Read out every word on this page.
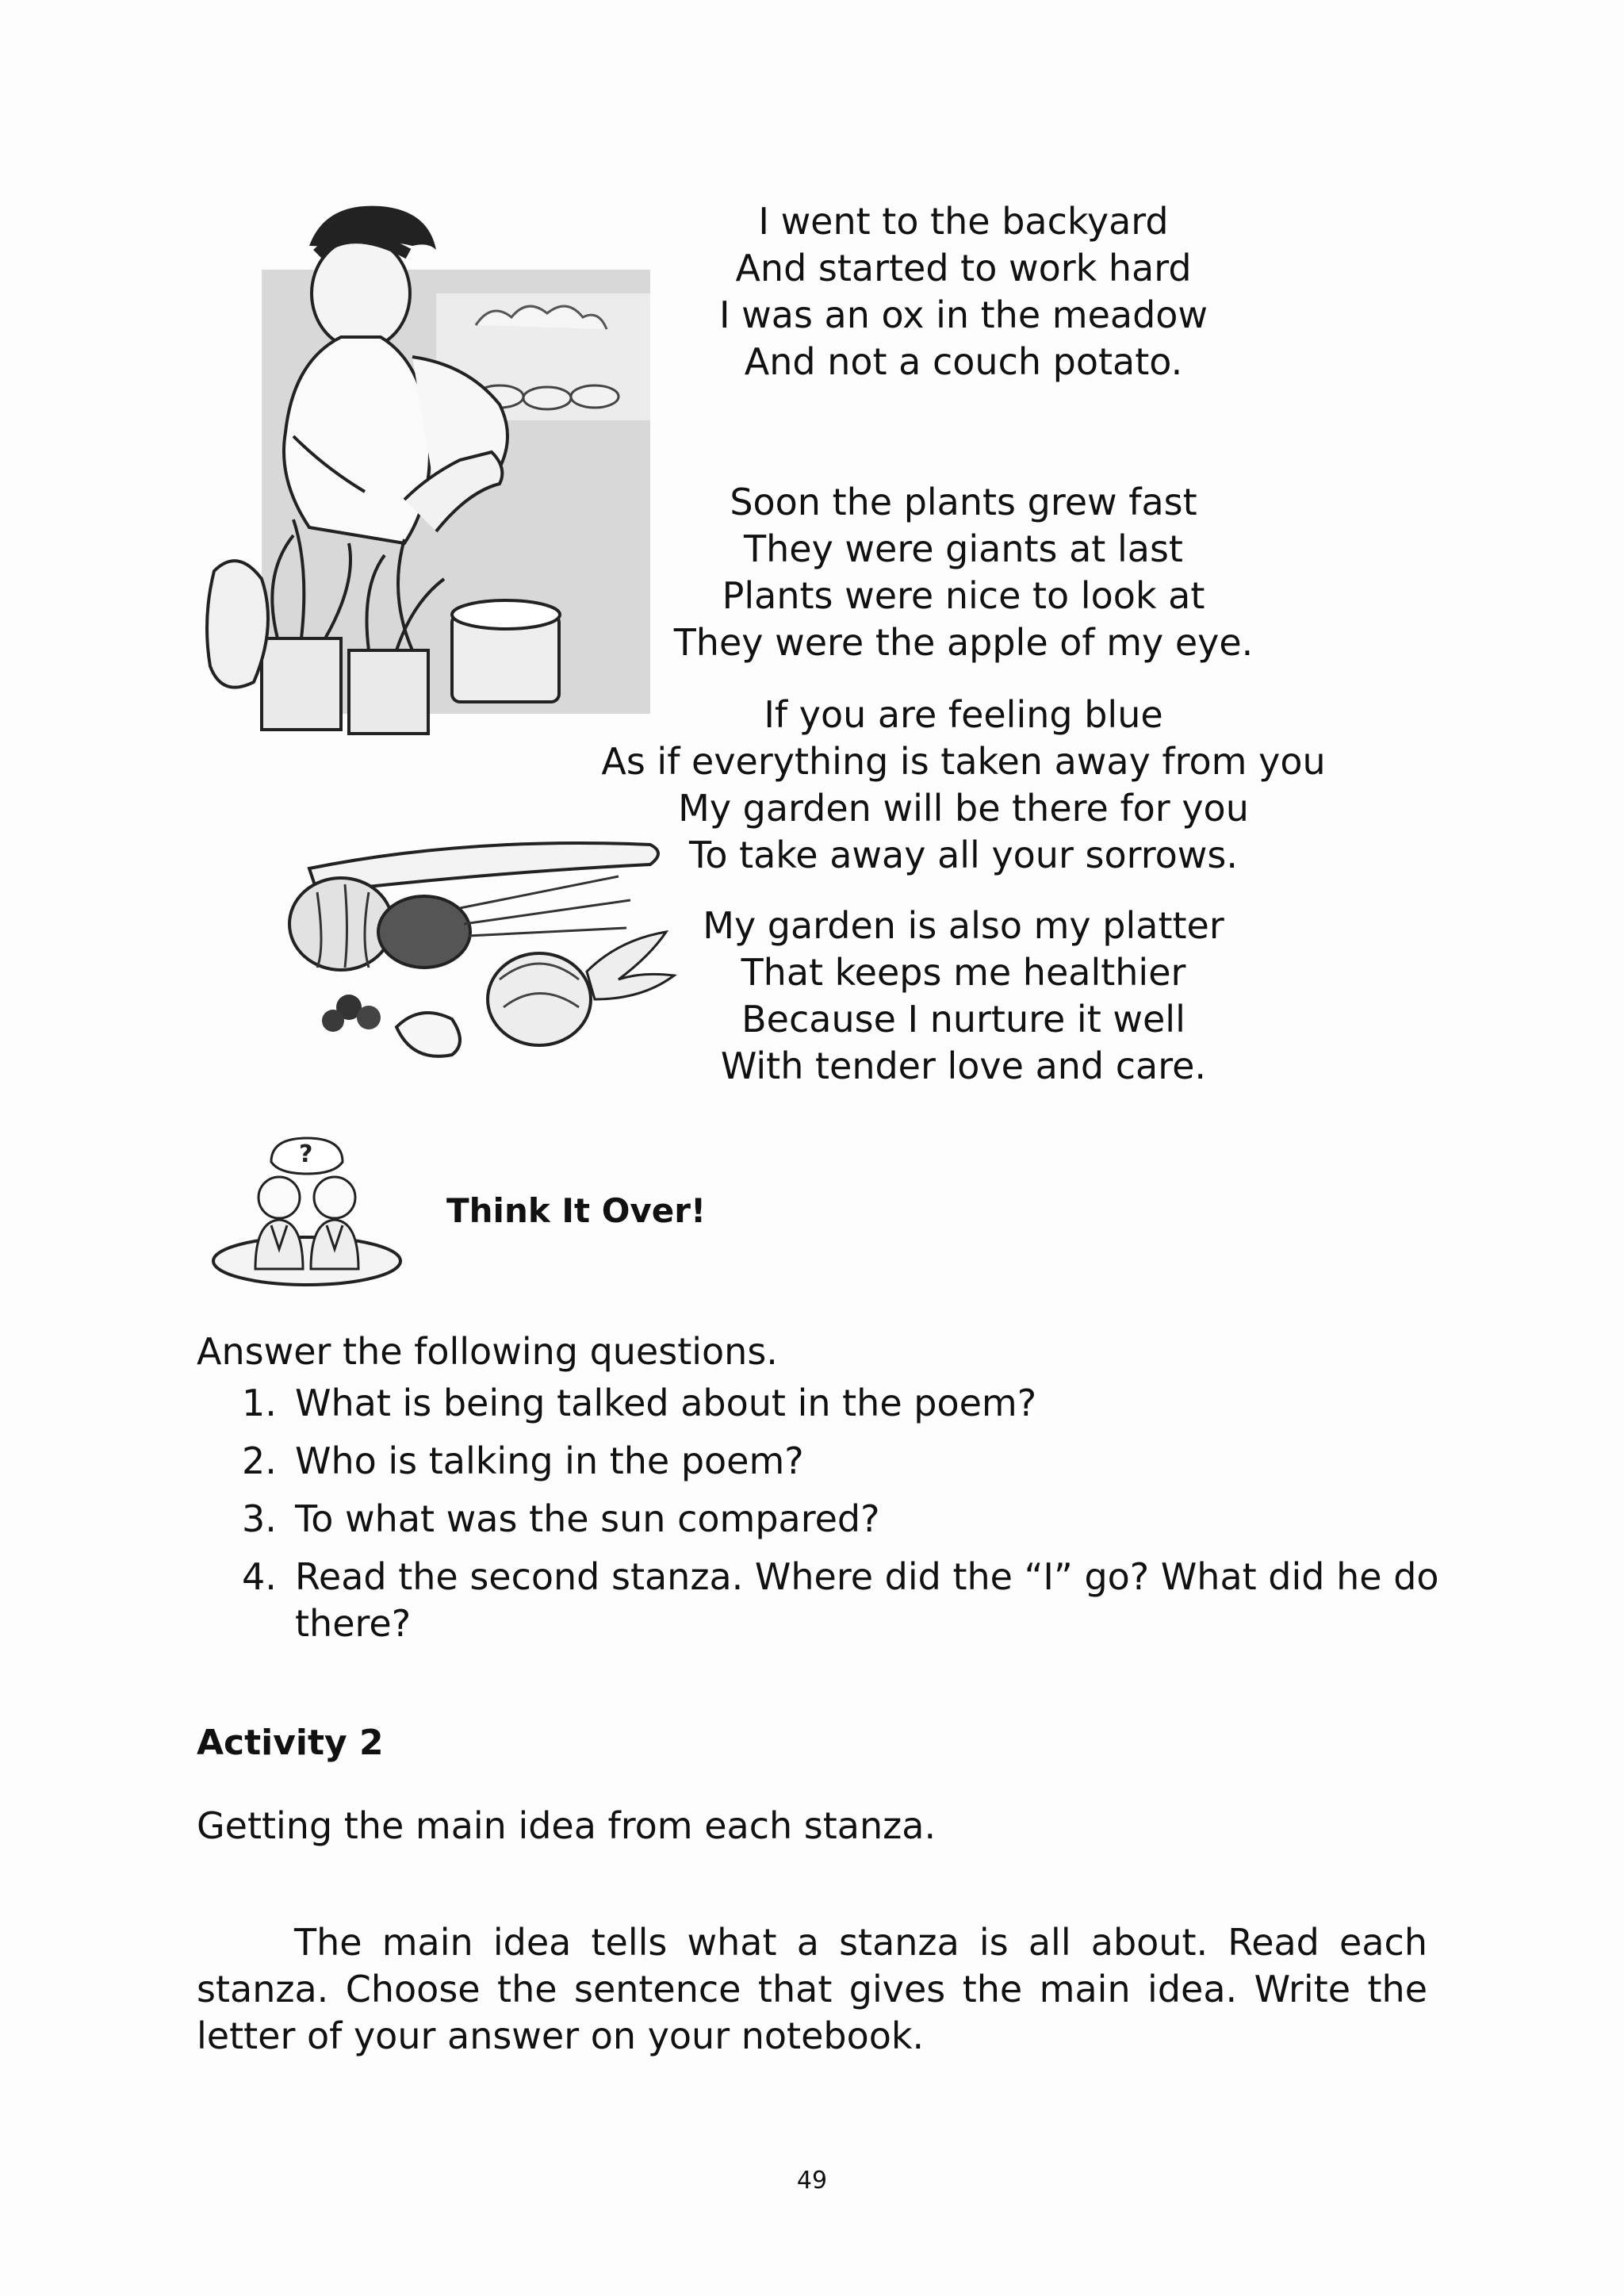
I went to the backyard
And started to work hard
I was an ox in the meadow
And not a couch potato.
Soon the plants grew fast
They were giants at last
Plants were nice to look at
They were the apple of my eye.
If you are feeling blue
As if everything is taken away from you
My garden will be there for you
To take away all your sorrows.
My garden is also my platter
That keeps me healthier
Because I nurture it well
With tender love and care.
?
Think It Over!
Answer the following questions.
1. What is being talked about in the poem?
2. Who is talking in the poem?
3. To what was the sun compared?
4. Read the second stanza. Where did the “I” go? What did he do there?
Activity 2
Getting the main idea from each stanza.
The main idea tells what a stanza is all about. Read each stanza. Choose the sentence that gives the main idea. Write the letter of your answer on your notebook.
49
